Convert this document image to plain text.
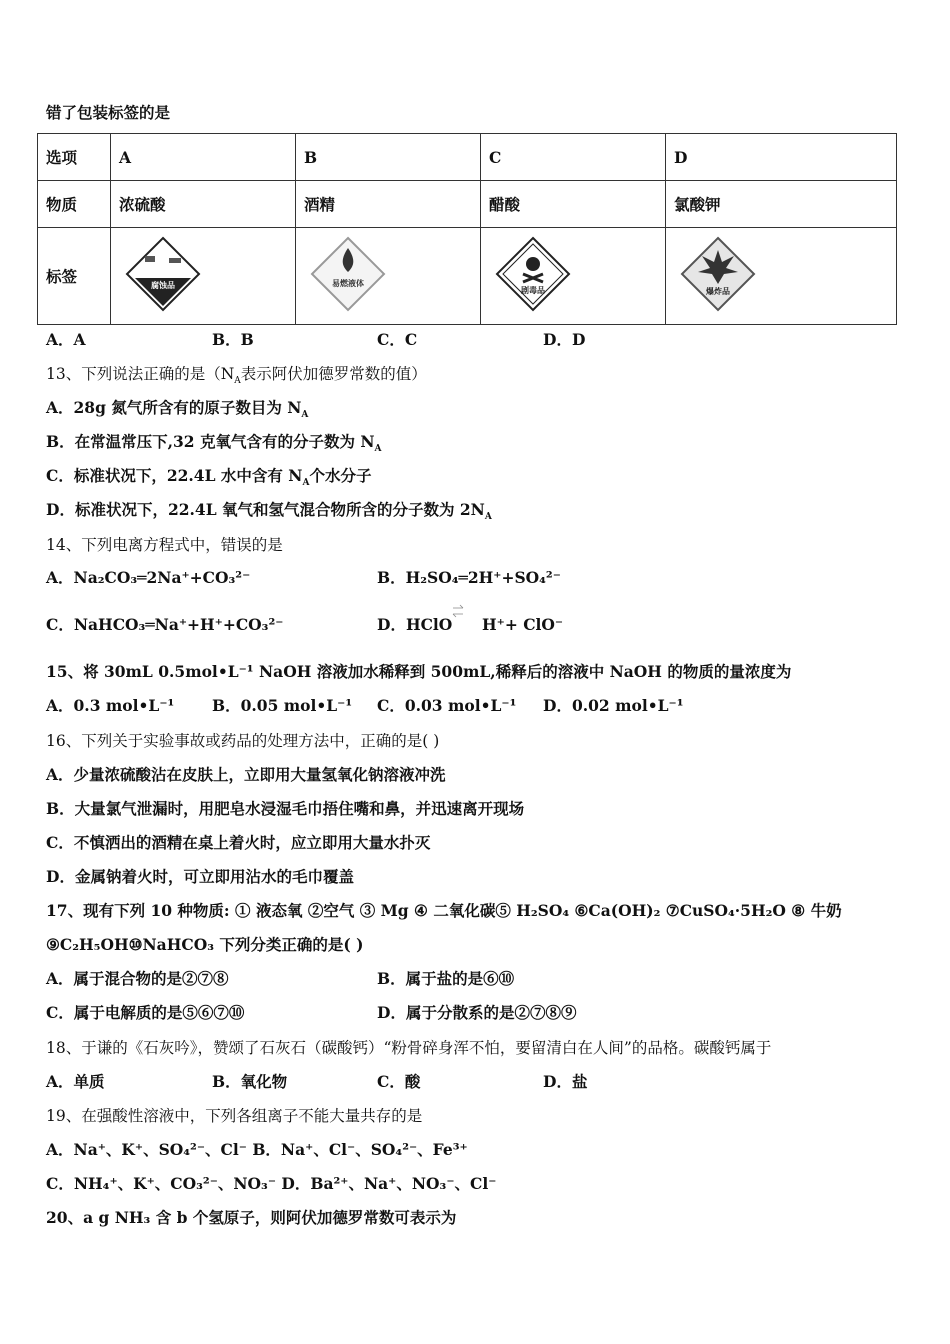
错了包装标签的是
选项	A	B	C	D
物质	浓硫酸	酒精	醋酸	氯酸钾
标签	腐蚀品	易燃液体	剧毒品	爆炸品
A．A	B．B	C．C	D．D
13、下列说法正确的是（$N_A$表示阿伏加德罗常数的值）
A．28g 氮气所含有的原子数目为 $N_A$
B．在常温常压下,32 克氧气含有的分子数为 $N_A$
C．标准状况下，22.4L 水中含有 $N_A$个水分子
D．标准状况下，22.4L 氧气和氢气混合物所含的分子数为 $2N_A$
14、下列电离方程式中，错误的是
A．Na₂CO₃═2Na⁺+CO₃²⁻	B．H₂SO₄═2H⁺+SO₄²⁻
C．NaHCO₃═Na⁺+H⁺+CO₃²⁻	D．HClO H⁺+ ClO⁻
15、将 30mL 0.5mol•L⁻¹ NaOH 溶液加水稀释到 500mL,稀释后的溶液中 NaOH 的物质的量浓度为
A．0.3 mol•L⁻¹ B．0.05 mol•L⁻¹ C．0.03 mol•L⁻¹ D．0.02 mol•L⁻¹
16、下列关于实验事故或药品的处理方法中，正确的是( )
A．少量浓硫酸沾在皮肤上，立即用大量氢氧化钠溶液冲洗
B．大量氯气泄漏时，用肥皂水浸湿毛巾捂住嘴和鼻，并迅速离开现场
C．不慎洒出的酒精在桌上着火时，应立即用大量水扑灭
D．金属钠着火时，可立即用沾水的毛巾覆盖
17、现有下列 10 种物质: ① 液态氧 ②空气 ③ Mg ④ 二氧化碳⑤ H₂SO₄ ⑥Ca(OH)₂ ⑦CuSO₄·5H₂O ⑧ 牛奶
⑨C₂H₅OH⑩NaHCO₃ 下列分类正确的是( )
A．属于混合物的是②⑦⑧	B．属于盐的是⑥⑩
C．属于电解质的是⑤⑥⑦⑩	D．属于分散系的是②⑦⑧⑨
18、于谦的《石灰吟》，赞颂了石灰石（碳酸钙）“粉骨碎身浑不怕，要留清白在人间”的品格。碳酸钙属于
A．单质	B．氧化物	C．酸	D．盐
19、在强酸性溶液中，下列各组离子不能大量共存的是
A．Na⁺、K⁺、SO₄²⁻、Cl⁻ B．Na⁺、Cl⁻、SO₄²⁻、Fe³⁺
C．NH₄⁺、K⁺、CO₃²⁻、NO₃⁻ D．Ba²⁺、Na⁺、NO₃⁻、Cl⁻
20、a g NH₃ 含 b 个氢原子，则阿伏加德罗常数可表示为
